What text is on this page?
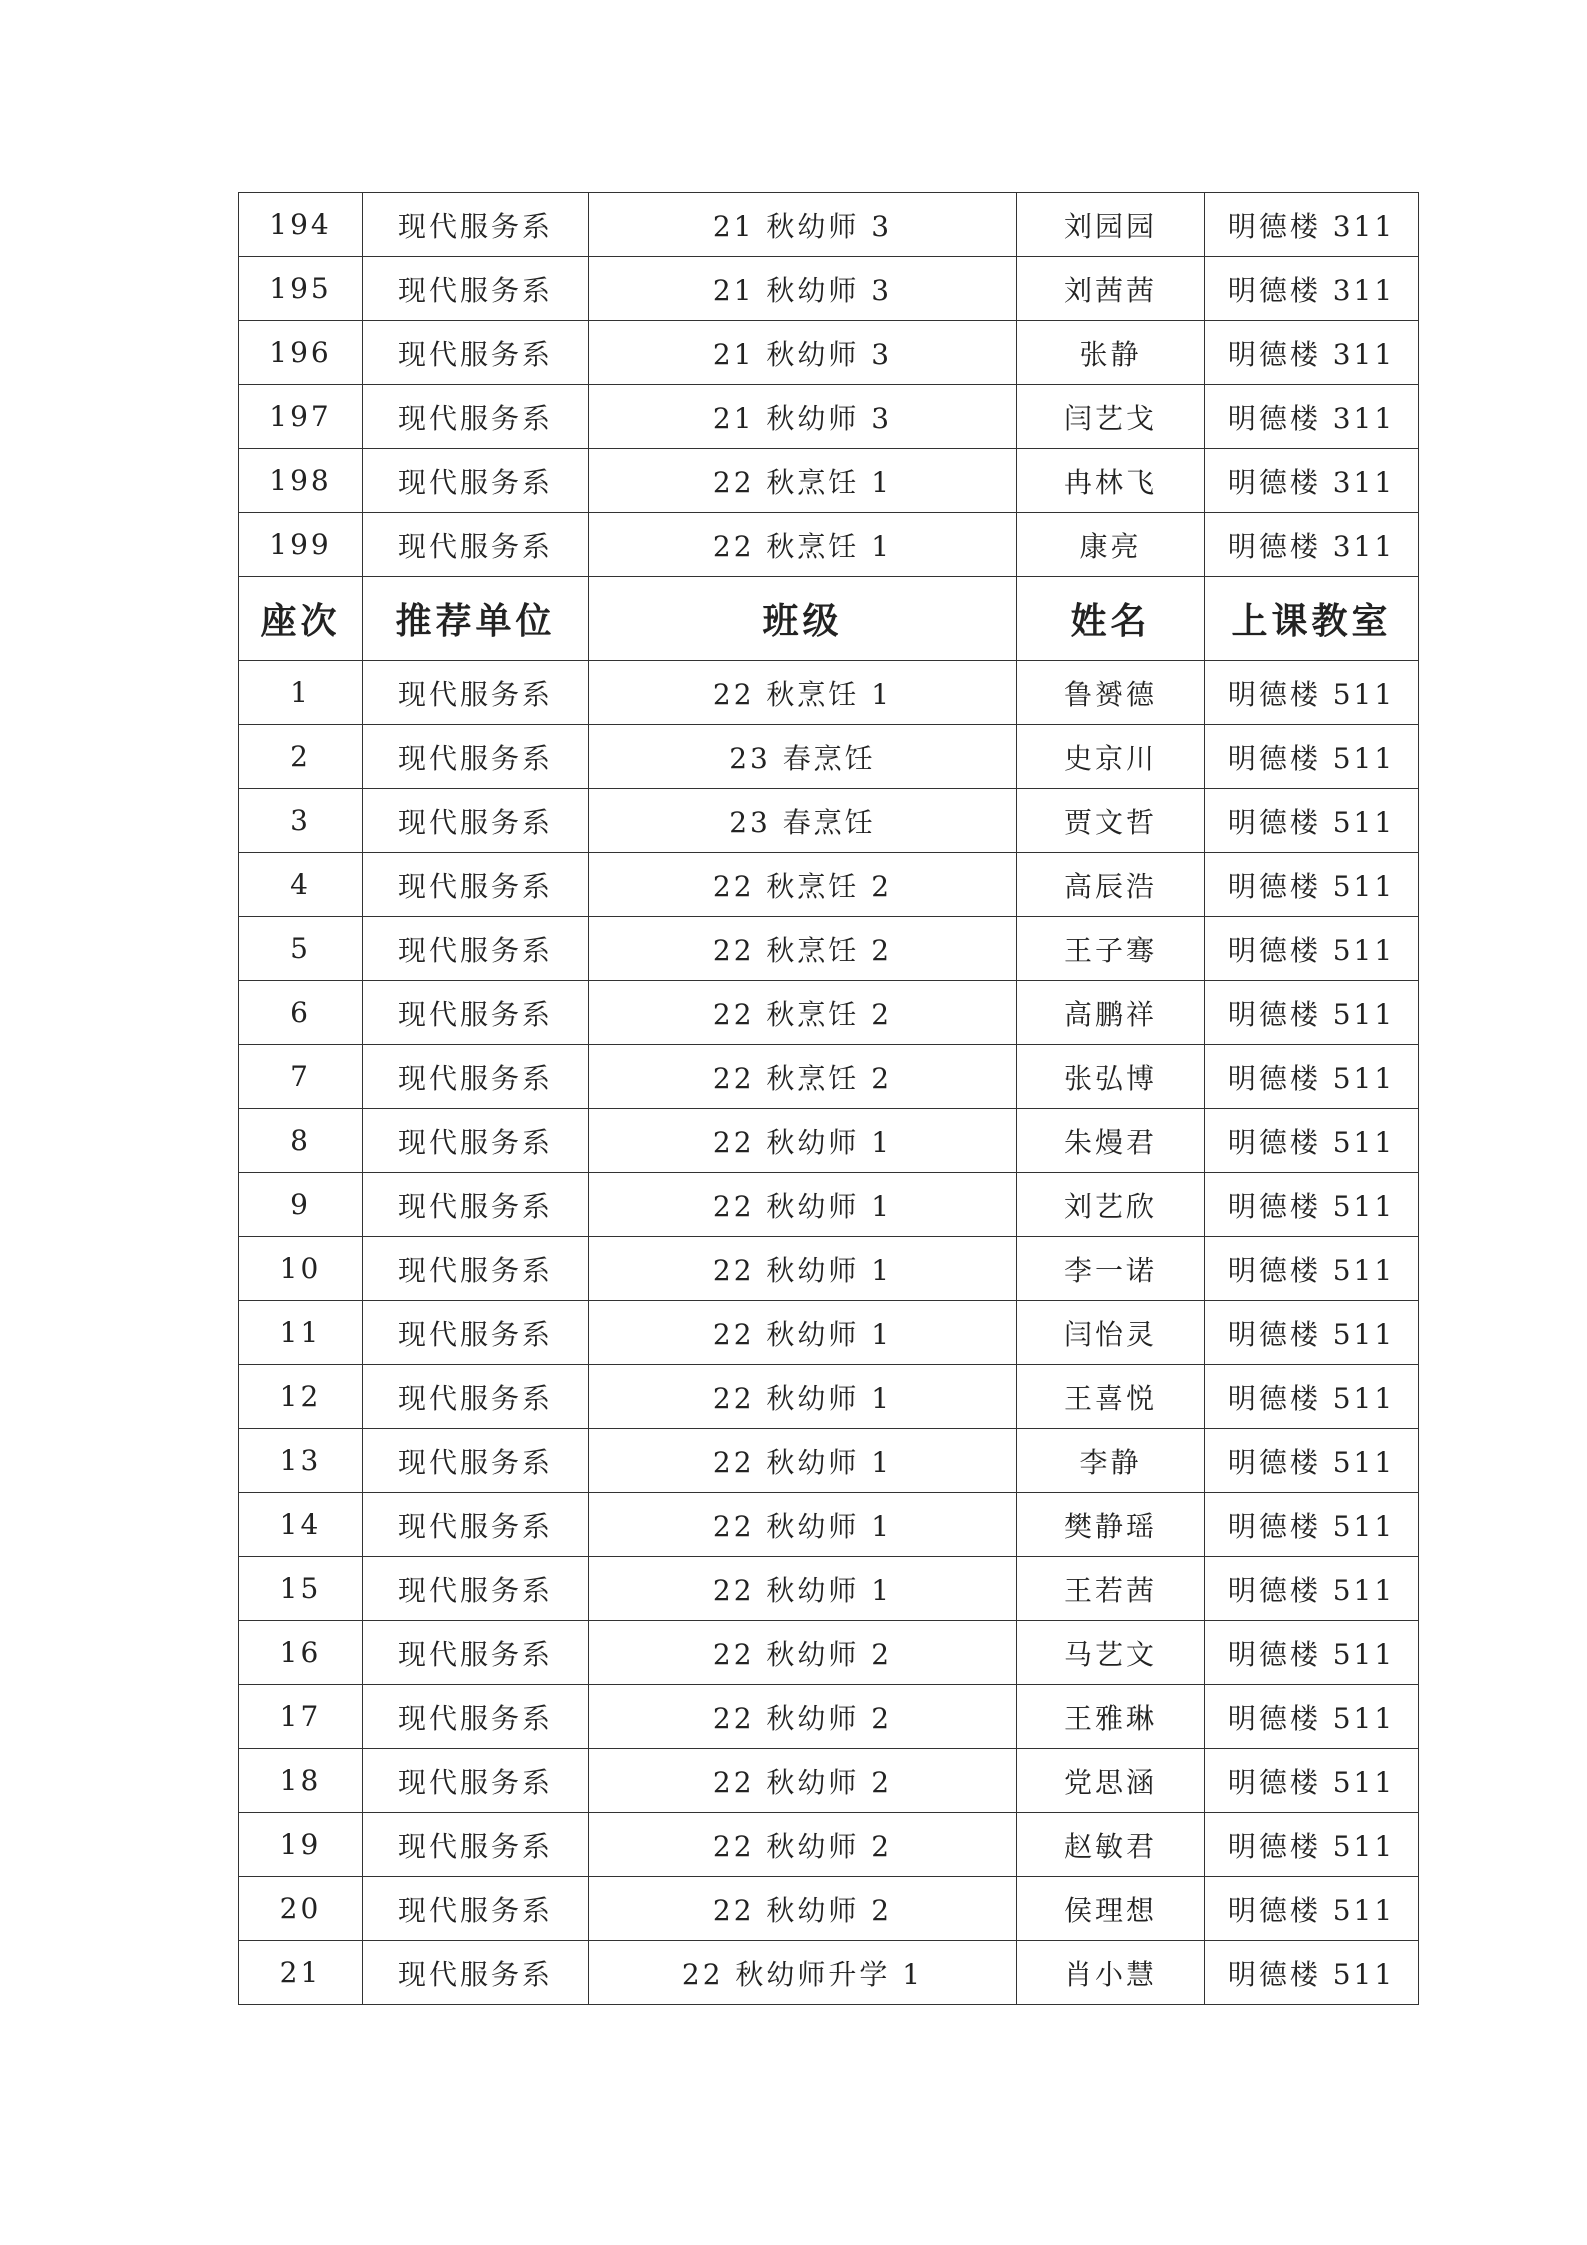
194	现代服务系	21 秋幼师 3	刘园园	明德楼 311
195	现代服务系	21 秋幼师 3	刘茜茜	明德楼 311
196	现代服务系	21 秋幼师 3	张静	明德楼 311
197	现代服务系	21 秋幼师 3	闫艺戈	明德楼 311
198	现代服务系	22 秋烹饪 1	冉林飞	明德楼 311
199	现代服务系	22 秋烹饪 1	康亮	明德楼 311
座次	推荐单位	班级	姓名	上课教室
1	现代服务系	22 秋烹饪 1	鲁赟德	明德楼 511
2	现代服务系	23 春烹饪	史京川	明德楼 511
3	现代服务系	23 春烹饪	贾文哲	明德楼 511
4	现代服务系	22 秋烹饪 2	高辰浩	明德楼 511
5	现代服务系	22 秋烹饪 2	王子骞	明德楼 511
6	现代服务系	22 秋烹饪 2	高鹏祥	明德楼 511
7	现代服务系	22 秋烹饪 2	张弘博	明德楼 511
8	现代服务系	22 秋幼师 1	朱熳君	明德楼 511
9	现代服务系	22 秋幼师 1	刘艺欣	明德楼 511
10	现代服务系	22 秋幼师 1	李一诺	明德楼 511
11	现代服务系	22 秋幼师 1	闫怡灵	明德楼 511
12	现代服务系	22 秋幼师 1	王喜悦	明德楼 511
13	现代服务系	22 秋幼师 1	李静	明德楼 511
14	现代服务系	22 秋幼师 1	樊静瑶	明德楼 511
15	现代服务系	22 秋幼师 1	王若茜	明德楼 511
16	现代服务系	22 秋幼师 2	马艺文	明德楼 511
17	现代服务系	22 秋幼师 2	王雅琳	明德楼 511
18	现代服务系	22 秋幼师 2	党思涵	明德楼 511
19	现代服务系	22 秋幼师 2	赵敏君	明德楼 511
20	现代服务系	22 秋幼师 2	侯理想	明德楼 511
21	现代服务系	22 秋幼师升学 1	肖小慧	明德楼 511
